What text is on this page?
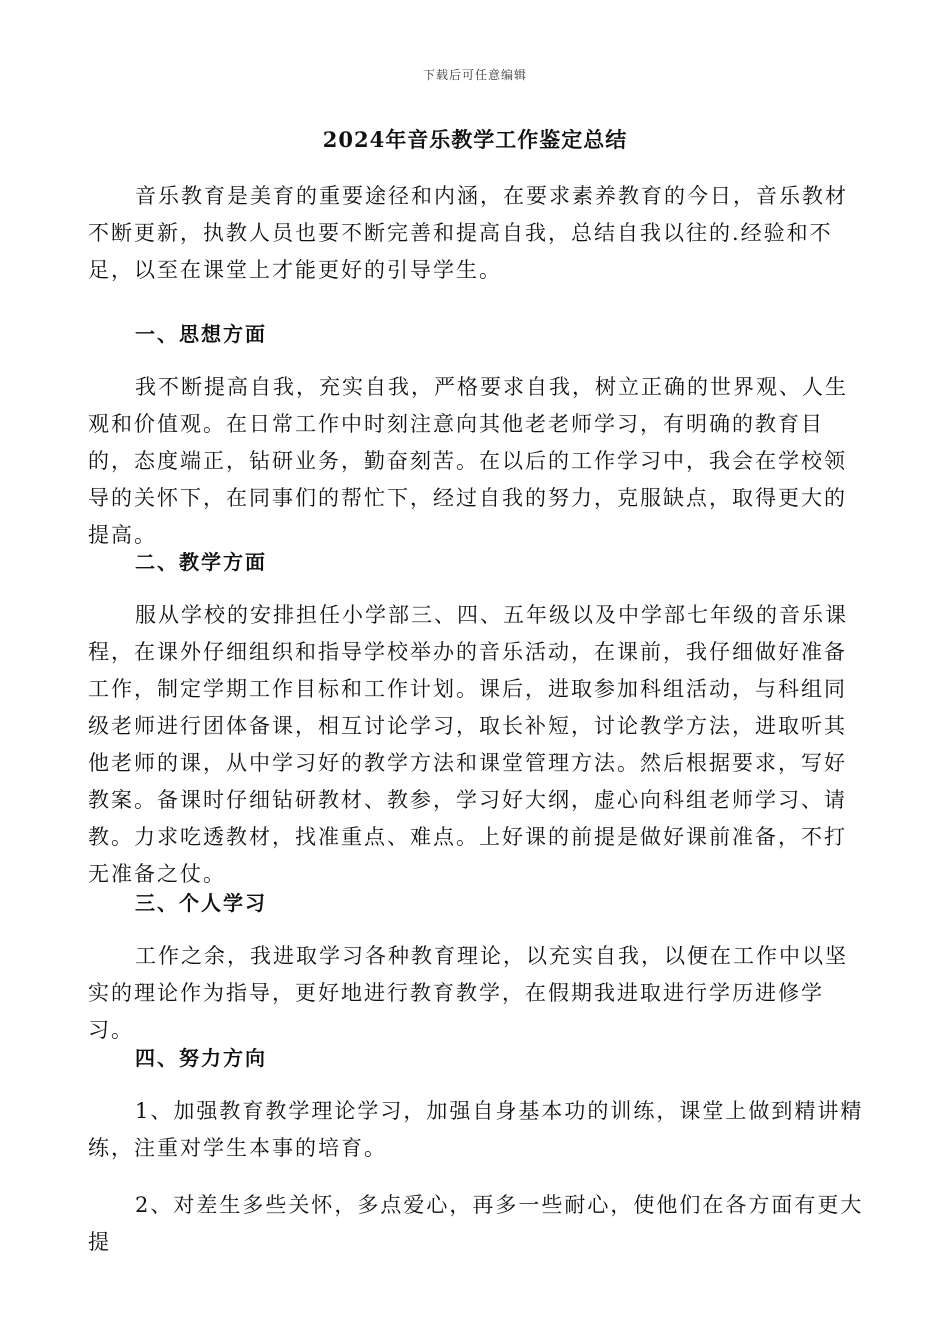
下载后可任意编辑
2024年音乐教学工作鉴定总结

音乐教育是美育的重要途径和内涵，在要求素养教育的今日，音乐教材不断更新，执教人员也要不断完善和提高自我，总结自我以往的.经验和不足，以至在课堂上才能更好的引导学生。

一、思想方面

我不断提高自我，充实自我，严格要求自我，树立正确的世界观、人生观和价值观。在日常工作中时刻注意向其他老老师学习，有明确的教育目的，态度端正，钻研业务，勤奋刻苦。在以后的工作学习中，我会在学校领导的关怀下，在同事们的帮忙下，经过自我的努力，克服缺点，取得更大的提高。

二、教学方面

服从学校的安排担任小学部三、四、五年级以及中学部七年级的音乐课程，在课外仔细组织和指导学校举办的音乐活动，在课前，我仔细做好准备工作，制定学期工作目标和工作计划。课后，进取参加科组活动，与科组同级老师进行团体备课，相互讨论学习，取长补短，讨论教学方法，进取听其他老师的课，从中学习好的教学方法和课堂管理方法。然后根据要求，写好教案。备课时仔细钻研教材、教参，学习好大纲，虚心向科组老师学习、请教。力求吃透教材，找准重点、难点。上好课的前提是做好课前准备，不打无准备之仗。

三、个人学习

工作之余，我进取学习各种教育理论，以充实自我，以便在工作中以坚实的理论作为指导，更好地进行教育教学，在假期我进取进行学历进修学习。

四、努力方向

1、加强教育教学理论学习，加强自身基本功的训练，课堂上做到精讲精练，注重对学生本事的培育。

2、对差生多些关怀，多点爱心，再多一些耐心，使他们在各方面有更大提
